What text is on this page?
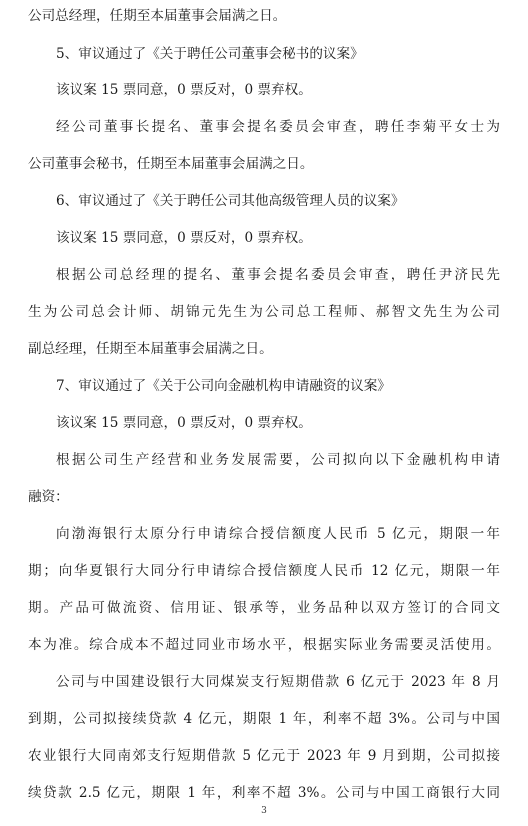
公司总经理，任期至本届董事会届满之日。
5、审议通过了《关于聘任公司董事会秘书的议案》
该议案 15 票同意，0 票反对，0 票弃权。
经公司董事长提名、董事会提名委员会审查，聘任李菊平女士为
公司董事会秘书，任期至本届董事会届满之日。
6、审议通过了《关于聘任公司其他高级管理人员的议案》
该议案 15 票同意，0 票反对，0 票弃权。
根据公司总经理的提名、董事会提名委员会审查，聘任尹济民先
生为公司总会计师、胡锦元先生为公司总工程师、郝智文先生为公司
副总经理，任期至本届董事会届满之日。
7、审议通过了《关于公司向金融机构申请融资的议案》
该议案 15 票同意，0 票反对，0 票弃权。
根据公司生产经营和业务发展需要，公司拟向以下金融机构申请
融资：
向渤海银行太原分行申请综合授信额度人民币 5 亿元，期限一年
期；向华夏银行大同分行申请综合授信额度人民币 12 亿元，期限一年
期。产品可做流资、信用证、银承等，业务品种以双方签订的合同文
本为准。综合成本不超过同业市场水平，根据实际业务需要灵活使用。
公司与中国建设银行大同煤炭支行短期借款 6 亿元于 2023 年 8 月
到期，公司拟接续贷款 4 亿元，期限 1 年，利率不超 3%。公司与中国
农业银行大同南郊支行短期借款 5 亿元于 2023 年 9 月到期，公司拟接
续贷款 2.5 亿元，期限 1 年，利率不超 3%。公司与中国工商银行大同
3
